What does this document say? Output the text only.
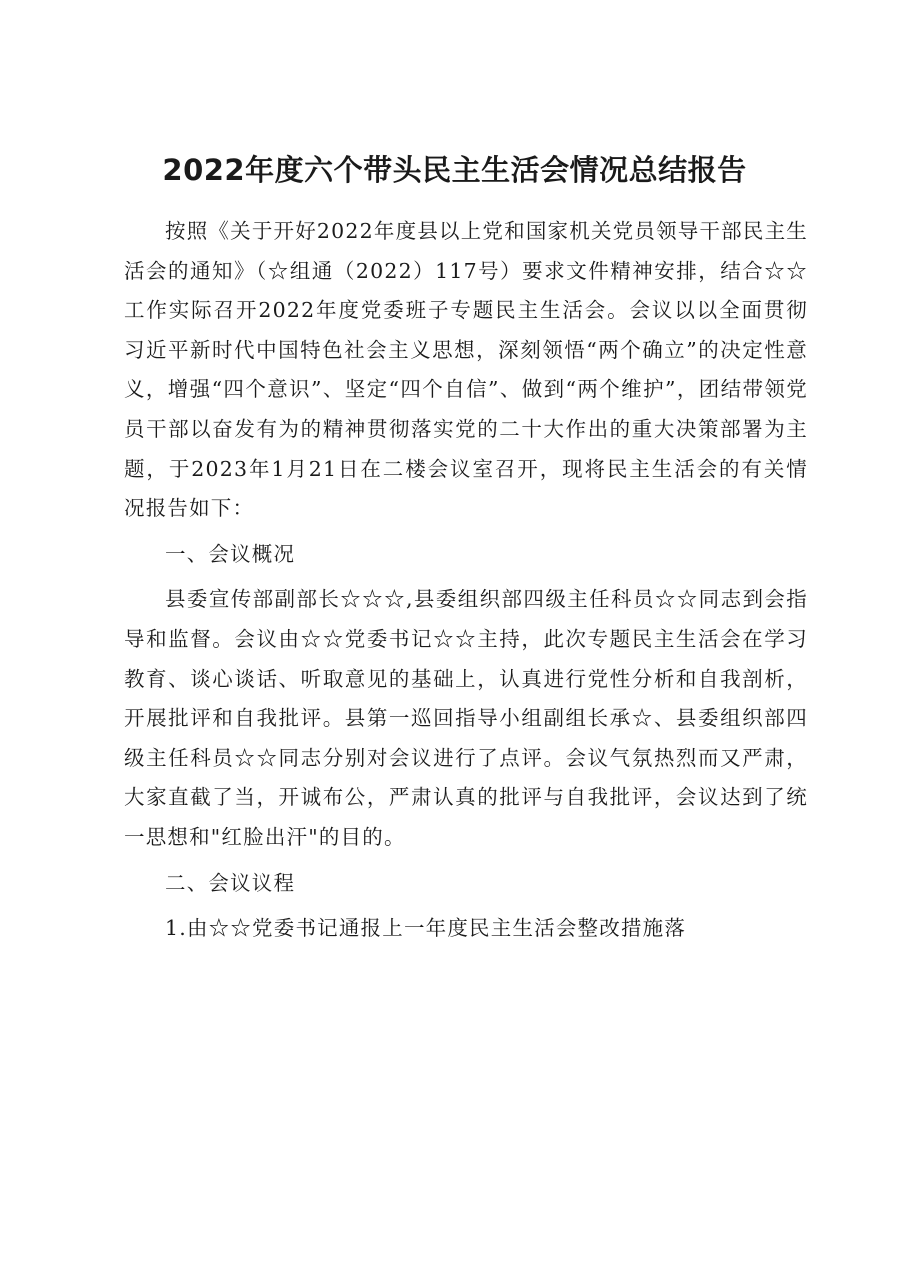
2022年度六个带头民主生活会情况总结报告

按照《关于开好2022年度县以上党和国家机关党员领导干部民主生活会的通知》（☆组通（2022）117号）要求文件精神安排，结合☆☆工作实际召开2022年度党委班子专题民主生活会。会议以以全面贯彻习近平新时代中国特色社会主义思想，深刻领悟“两个确立”的决定性意义，增强“四个意识”、坚定“四个自信”、做到“两个维护”，团结带领党员干部以奋发有为的精神贯彻落实党的二十大作出的重大决策部署为主题，于2023年1月21日在二楼会议室召开，现将民主生活会的有关情况报告如下：

一、会议概况

县委宣传部副部长☆☆☆,县委组织部四级主任科员☆☆同志到会指导和监督。会议由☆☆党委书记☆☆主持，此次专题民主生活会在学习教育、谈心谈话、听取意见的基础上，认真进行党性分析和自我剖析，开展批评和自我批评。县第一巡回指导小组副组长承☆、县委组织部四级主任科员☆☆同志分别对会议进行了点评。会议气氛热烈而又严肃，大家直截了当，开诚布公，严肃认真的批评与自我批评，会议达到了统一思想和"红脸出汗"的目的。

二、会议议程

1.由☆☆党委书记通报上一年度民主生活会整改措施落
